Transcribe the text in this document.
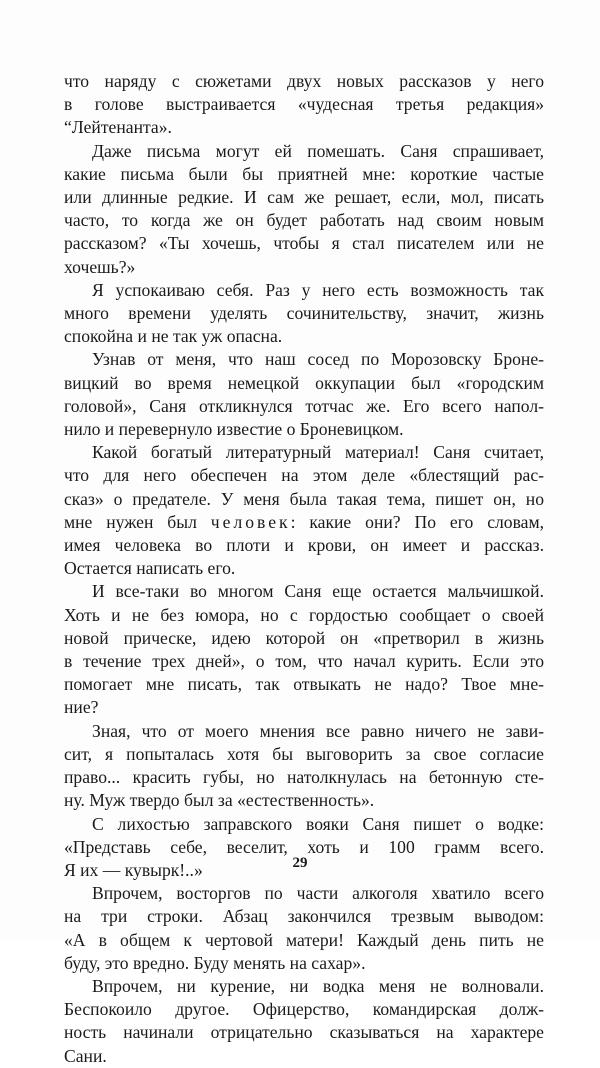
что наряду с сюжетами двух новых рассказов у него

в голове выстраивается «чудесная третья редакция»

“Лейтенанта».

Даже письма могут ей помешать. Саня спрашивает,

какие письма были бы приятней мне: короткие частые

или длинные редкие. И сам же решает, если, мол, писать

часто, то когда же он будет работать над своим новым

рассказом? «Ты хочешь, чтобы я стал писателем или не

хочешь?»

Я успокаиваю себя. Раз у него есть возможность так

много времени уделять сочинительству, значит, жизнь

спокойна и не так уж опасна.

Узнав от меня, что наш сосед по Морозовску Броне-

вицкий во время немецкой оккупации был «городским

головой», Саня откликнулся тотчас же. Его всего напол-

нило и перевернуло известие о Броневицком.

Какой богатый литературный материал! Саня считает,

что для него обеспечен на этом деле «блестящий рас-

сказ» о предателе. У меня была такая тема, пишет он, но

мне нужен был человек: какие они? По его словам,

имея человека во плоти и крови, он имеет и рассказ.

Остается написать его.

И все-таки во многом Саня еще остается мальчишкой.

Хоть и не без юмора, но с гордостью сообщает о своей

новой прическе, идею которой он «претворил в жизнь

в течение трех дней», о том, что начал курить. Если это

помогает мне писать, так отвыкать не надо? Твое мне-

ние?

Зная, что от моего мнения все равно ничего не зави-

сит, я попыталась хотя бы выговорить за свое согласие

право... красить губы, но натолкнулась на бетонную сте-

ну. Муж твердо был за «естественность».

С лихостью заправского вояки Саня пишет о водке:

«Представь себе, веселит, хоть и 100 грамм всего.

Я их — кувырк!..»

Впрочем, восторгов по части алкоголя хватило всего

на три строки. Абзац закончился трезвым выводом:

«А в общем к чертовой матери! Каждый день пить не

буду, это вредно. Буду менять на сахар».

Впрочем, ни курение, ни водка меня не волновали.

Беспокоило другое. Офицерство, командирская долж-

ность начинали отрицательно сказываться на характере

Сани.

29
